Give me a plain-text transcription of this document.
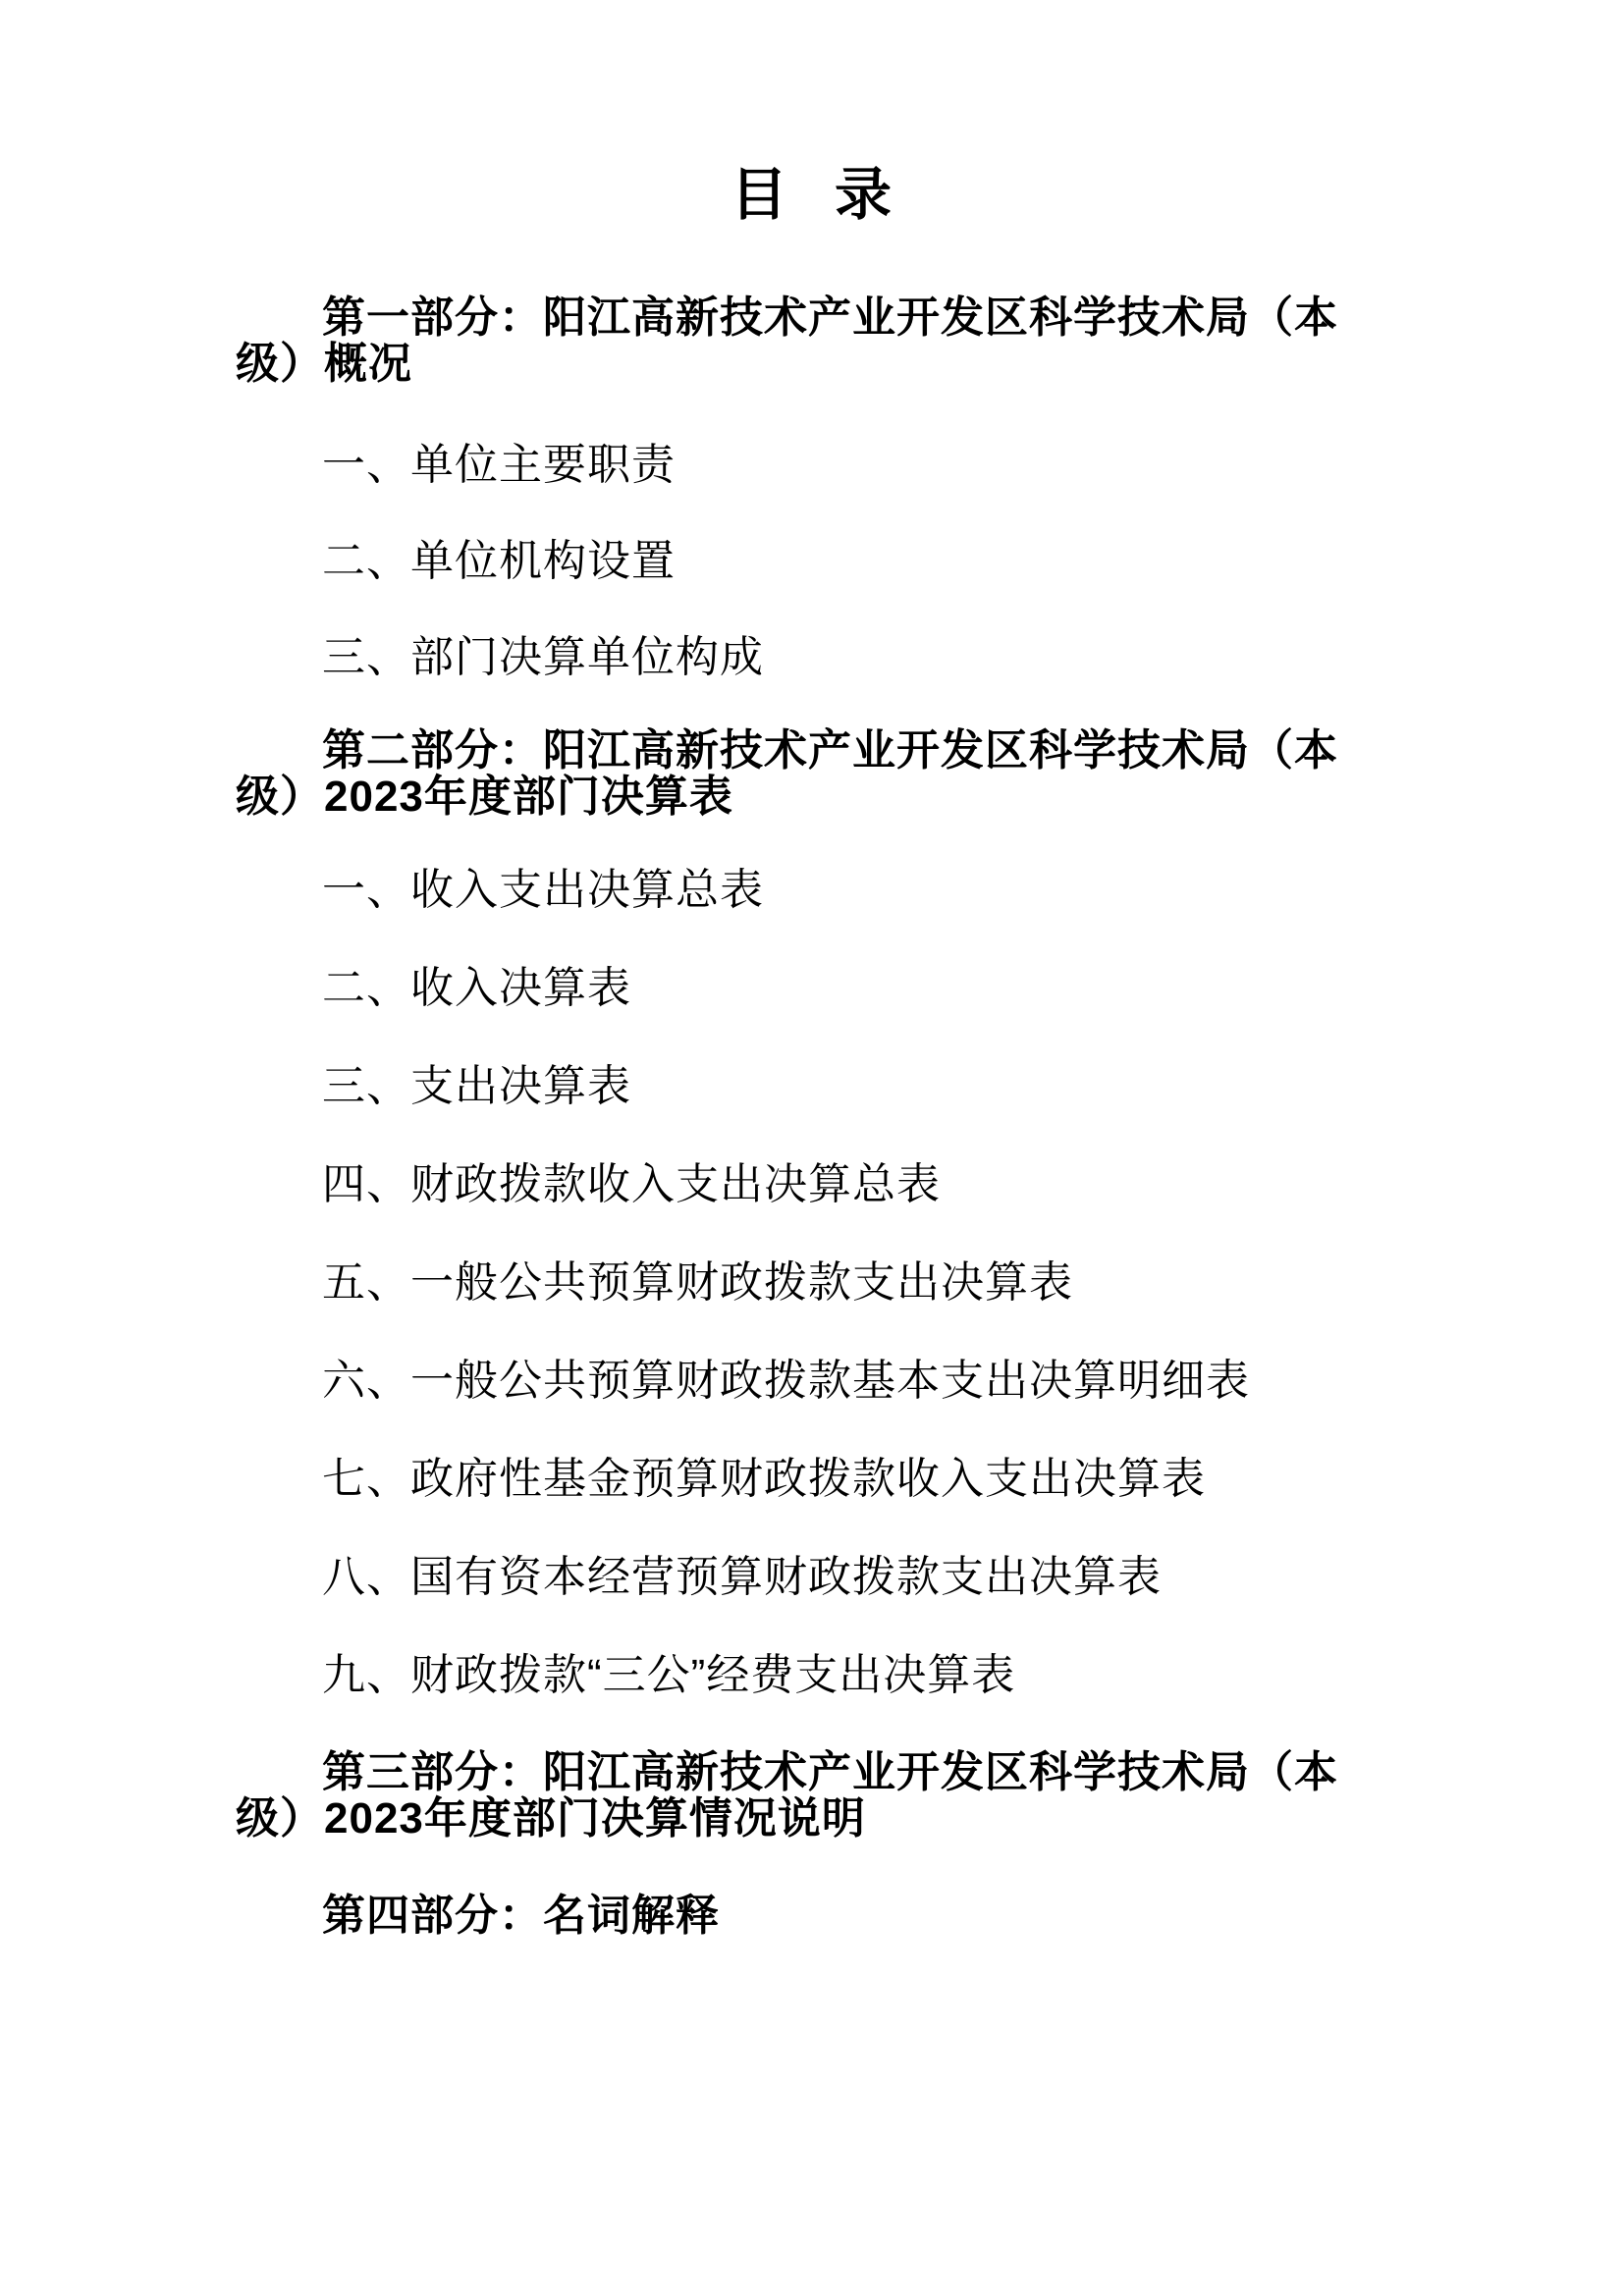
目 录
第一部分：阳江高新技术产业开发区科学技术局（本
级）概况
一、单位主要职责
二、单位机构设置
三、部门决算单位构成
第二部分：阳江高新技术产业开发区科学技术局（本
级）2023年度部门决算表
一、收入支出决算总表
二、收入决算表
三、支出决算表
四、财政拨款收入支出决算总表
五、一般公共预算财政拨款支出决算表
六、一般公共预算财政拨款基本支出决算明细表
七、政府性基金预算财政拨款收入支出决算表
八、国有资本经营预算财政拨款支出决算表
九、财政拨款“三公”经费支出决算表
第三部分：阳江高新技术产业开发区科学技术局（本
级）2023年度部门决算情况说明
第四部分：名词解释
